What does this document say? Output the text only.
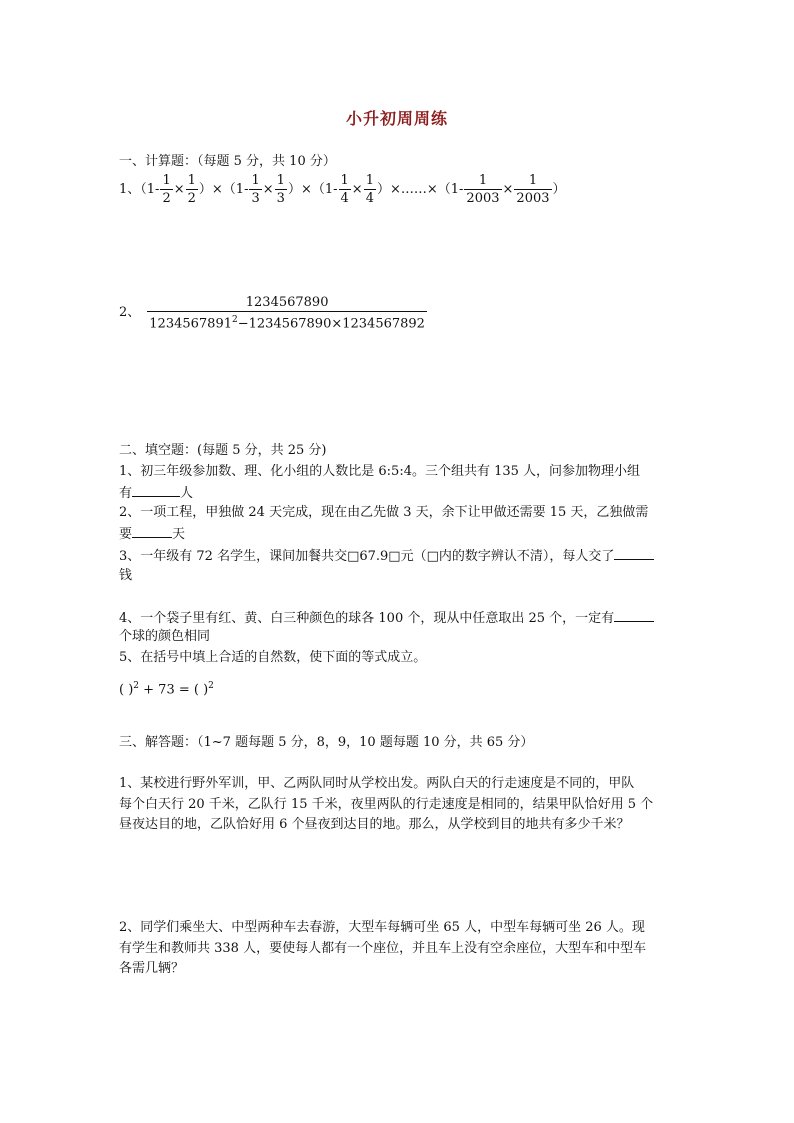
小升初周周练
一、计算题：（每题 5 分，共 10 分）
1、$(1- \frac{1}{2} \times \frac{1}{2} )\times(1- \frac{1}{3} \times \frac{1}{3} )\times(1- \frac{1}{4} \times \frac{1}{4}$ ）×……×（1- $\frac{1}{2003} \times \frac{1}{2003}$ ）
2、 $\frac{1234567890}{1234567891^2-1234567890\times 1234567892}$
二、填空题：(每题 5 分，共 25 分)
1、初三年级参加数、理、化小组的人数比是 6:5:4。三个组共有 135 人，问参加物理小组
有	人
2、一项工程，甲独做 24 天完成，现在由乙先做 3 天，余下让甲做还需要 15 天，乙独做需
要	天
3、一年级有 72 名学生，课间加餐共交□67.9□元（□内的数字辨认不清），每人交了
钱
4、一个袋子里有红、黄、白三种颜色的球各 100 个，现从中任意取出 25 个，一定有
个球的颜色相同
5、在括号中填上合适的自然数，使下面的等式成立。
( )$^2$ + 73 = ( )$^2$
三、解答题：（1~7 题每题 5 分，8，9，10 题每题 10 分，共 65 分）
1、某校进行野外军训，甲、乙两队同时从学校出发。两队白天的行走速度是不同的，甲队
每个白天行 20 千米，乙队行 15 千米，夜里两队的行走速度是相同的，结果甲队恰好用 5 个
昼夜达目的地，乙队恰好用 6 个昼夜到达目的地。那么，从学校到目的地共有多少千米？
2、同学们乘坐大、中型两种车去春游，大型车每辆可坐 65 人，中型车每辆可坐 26 人。现
有学生和教师共 338 人，要使每人都有一个座位，并且车上没有空余座位，大型车和中型车
各需几辆？
